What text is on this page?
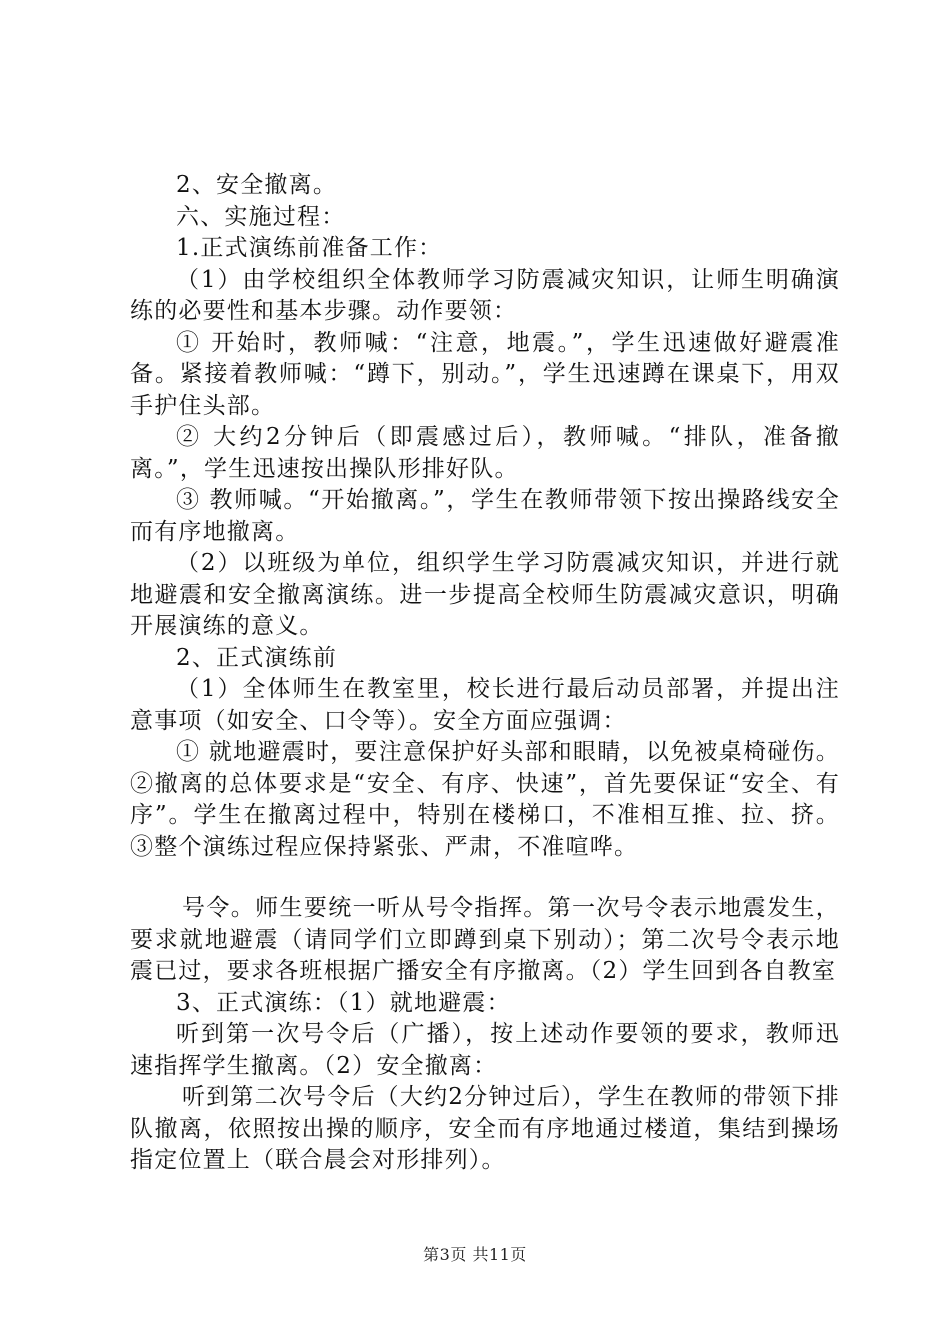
2、安全撤离。

六、实施过程：

1.正式演练前准备工作：

（1）由学校组织全体教师学习防震减灾知识，让师生明确演练的必要性和基本步骤。动作要领：

① 开始时，教师喊：“注意，地震。”，学生迅速做好避震准备。紧接着教师喊：“蹲下，别动。”，学生迅速蹲在课桌下，用双手护住头部。

② 大约2分钟后（即震感过后），教师喊。“排队，准备撤离。”，学生迅速按出操队形排好队。

③ 教师喊。“开始撤离。”，学生在教师带领下按出操路线安全而有序地撤离。

（2）以班级为单位，组织学生学习防震减灾知识，并进行就地避震和安全撤离演练。进一步提高全校师生防震减灾意识，明确开展演练的意义。

2、正式演练前

（1）全体师生在教室里，校长进行最后动员部署，并提出注意事项（如安全、口令等）。安全方面应强调：

① 就地避震时，要注意保护好头部和眼睛，以免被桌椅碰伤。②撤离的总体要求是“安全、有序、快速”，首先要保证“安全、有序”。学生在撤离过程中，特别在楼梯口，不准相互推、拉、挤。③整个演练过程应保持紧张、严肃，不准喧哗。

号令。师生要统一听从号令指挥。第一次号令表示地震发生，要求就地避震（请同学们立即蹲到桌下别动）；第二次号令表示地震已过，要求各班根据广播安全有序撤离。（2）学生回到各自教室

3、正式演练：（1）就地避震：

听到第一次号令后（广播），按上述动作要领的要求，教师迅速指挥学生撤离。（2）安全撤离：

听到第二次号令后（大约2分钟过后），学生在教师的带领下排队撤离，依照按出操的顺序，安全而有序地通过楼道，集结到操场指定位置上（联合晨会对形排列）。

第3页 共11页
